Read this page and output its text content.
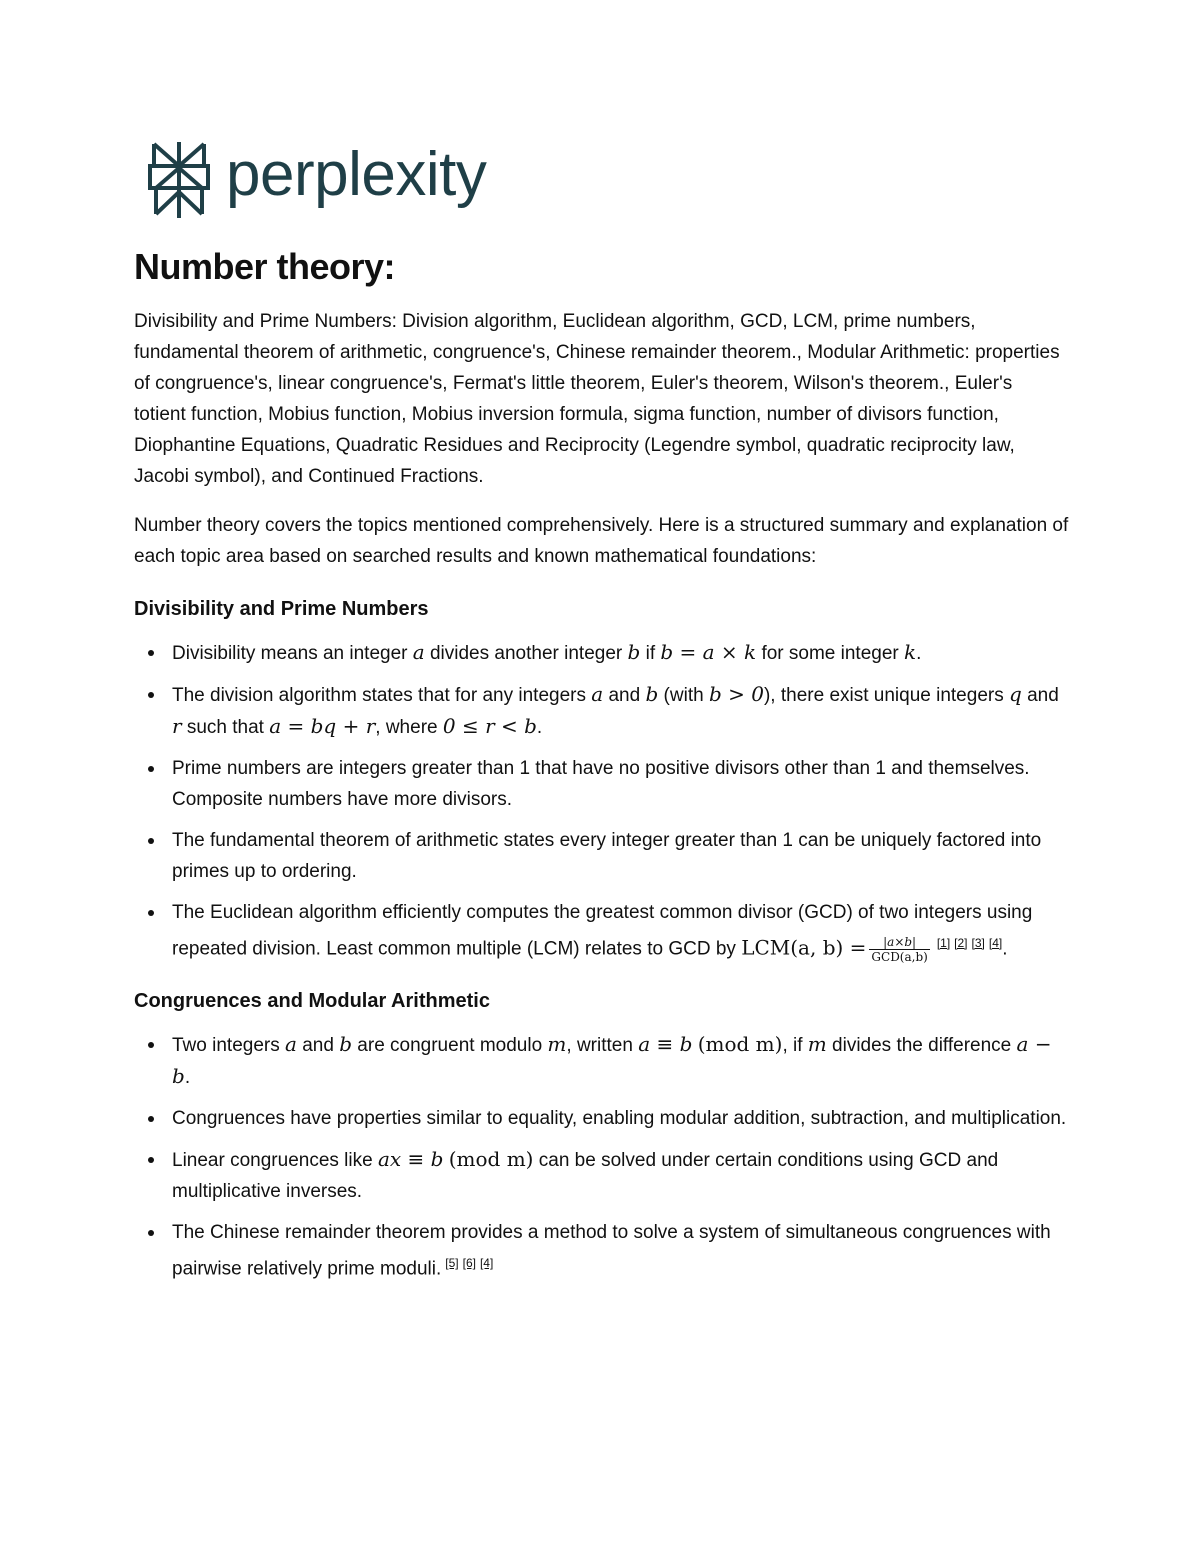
perplexity
Number theory:

Divisibility and Prime Numbers: Division algorithm, Euclidean algorithm, GCD, LCM, prime numbers, fundamental theorem of arithmetic, congruence's, Chinese remainder theorem., Modular Arithmetic: properties of congruence's, linear congruence's, Fermat's little theorem, Euler's theorem, Wilson's theorem., Euler's totient function, Mobius function, Mobius inversion formula, sigma function, number of divisors function, Diophantine Equations, Quadratic Residues and Reciprocity (Legendre symbol, quadratic reciprocity law, Jacobi symbol), and Continued Fractions.

Number theory covers the topics mentioned comprehensively. Here is a structured summary and explanation of each topic area based on searched results and known mathematical foundations:

Divisibility and Prime Numbers
Divisibility means an integer a divides another integer b if b = a × k for some integer k.
The division algorithm states that for any integers a and b (with b > 0), there exist unique integers q and r such that a = bq + r, where 0 ≤ r < b.
Prime numbers are integers greater than 1 that have no positive divisors other than 1 and themselves. Composite numbers have more divisors.
The fundamental theorem of arithmetic states every integer greater than 1 can be uniquely factored into primes up to ordering.
The Euclidean algorithm efficiently computes the greatest common divisor (GCD) of two integers using repeated division. Least common multiple (LCM) relates to GCD by LCM(a, $b) = \frac{|a\times b|}{\text{GCD(a,b)}} [1]$ [2] [3] [4].
Congruences and Modular Arithmetic
Two integers a and b are congruent modulo m, written a ≡ b (mod m), if m divides the difference a − b.
Congruences have properties similar to equality, enabling modular addition, subtraction, and multiplication.
Linear congruences like ax ≡ b (mod m) can be solved under certain conditions using GCD and multiplicative inverses.
The Chinese remainder theorem provides a method to solve a system of simultaneous congruences with pairwise relatively prime moduli. [5] [6] [4]
